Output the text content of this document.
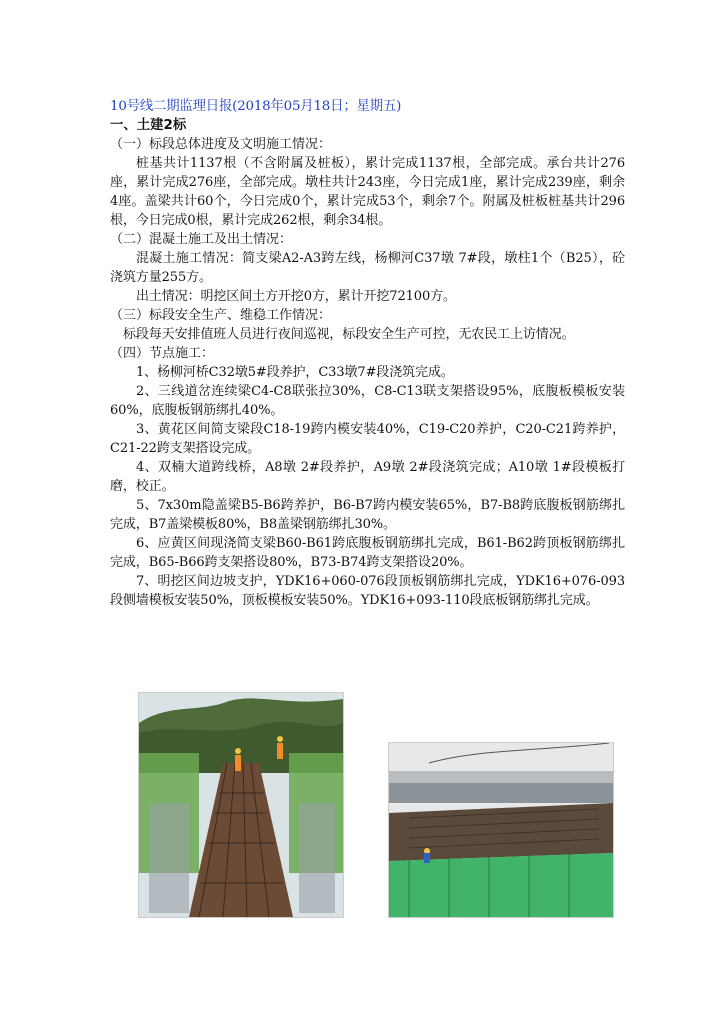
10号线二期监理日报(2018年05月18日；星期五)
一、土建2标
（一）标段总体进度及文明施工情况：
桩基共计1137根（不含附属及桩板），累计完成1137根，全部完成。承台共计276座，累计完成276座，全部完成。墩柱共计243座，今日完成1座，累计完成239座，剩余4座。盖梁共计60个，今日完成0个，累计完成53个，剩余7个。附属及桩板桩基共计296根，今日完成0根，累计完成262根，剩余34根。
（二）混凝土施工及出土情况：
混凝土施工情况：简支梁A2-A3跨左线，杨柳河C37墩 7#段，墩柱1个（B25），砼浇筑方量255方。
出土情况：明挖区间土方开挖0方，累计开挖72100方。
（三）标段安全生产、维稳工作情况：
标段每天安排值班人员进行夜间巡视，标段安全生产可控，无农民工上访情况。
（四）节点施工：
1、杨柳河桥C32墩5#段养护，C33墩7#段浇筑完成。
2、三线道岔连续梁C4-C8联张拉30%，C8-C13联支架搭设95%，底腹板模板安装60%，底腹板钢筋绑扎40%。
3、黄花区间简支梁段C18-19跨内模安装40%，C19-C20养护，C20-C21跨养护，C21-22跨支架搭设完成。
4、双楠大道跨线桥，A8墩 2#段养护，A9墩 2#段浇筑完成；A10墩 1#段模板打磨，校正。
5、7x30m隐盖梁B5-B6跨养护，B6-B7跨内模安装65%，B7-B8跨底腹板钢筋绑扎完成，B7盖梁模板80%，B8盖梁钢筋绑扎30%。
6、应黄区间现浇简支梁B60-B61跨底腹板钢筋绑扎完成，B61-B62跨顶板钢筋绑扎完成，B65-B66跨支架搭设80%，B73-B74跨支架搭设20%。
7、明挖区间边坡支护，YDK16+060-076段顶板钢筋绑扎完成，YDK16+076-093段侧墙模板安装50%，顶板模板安装50%。YDK16+093-110段底板钢筋绑扎完成。
